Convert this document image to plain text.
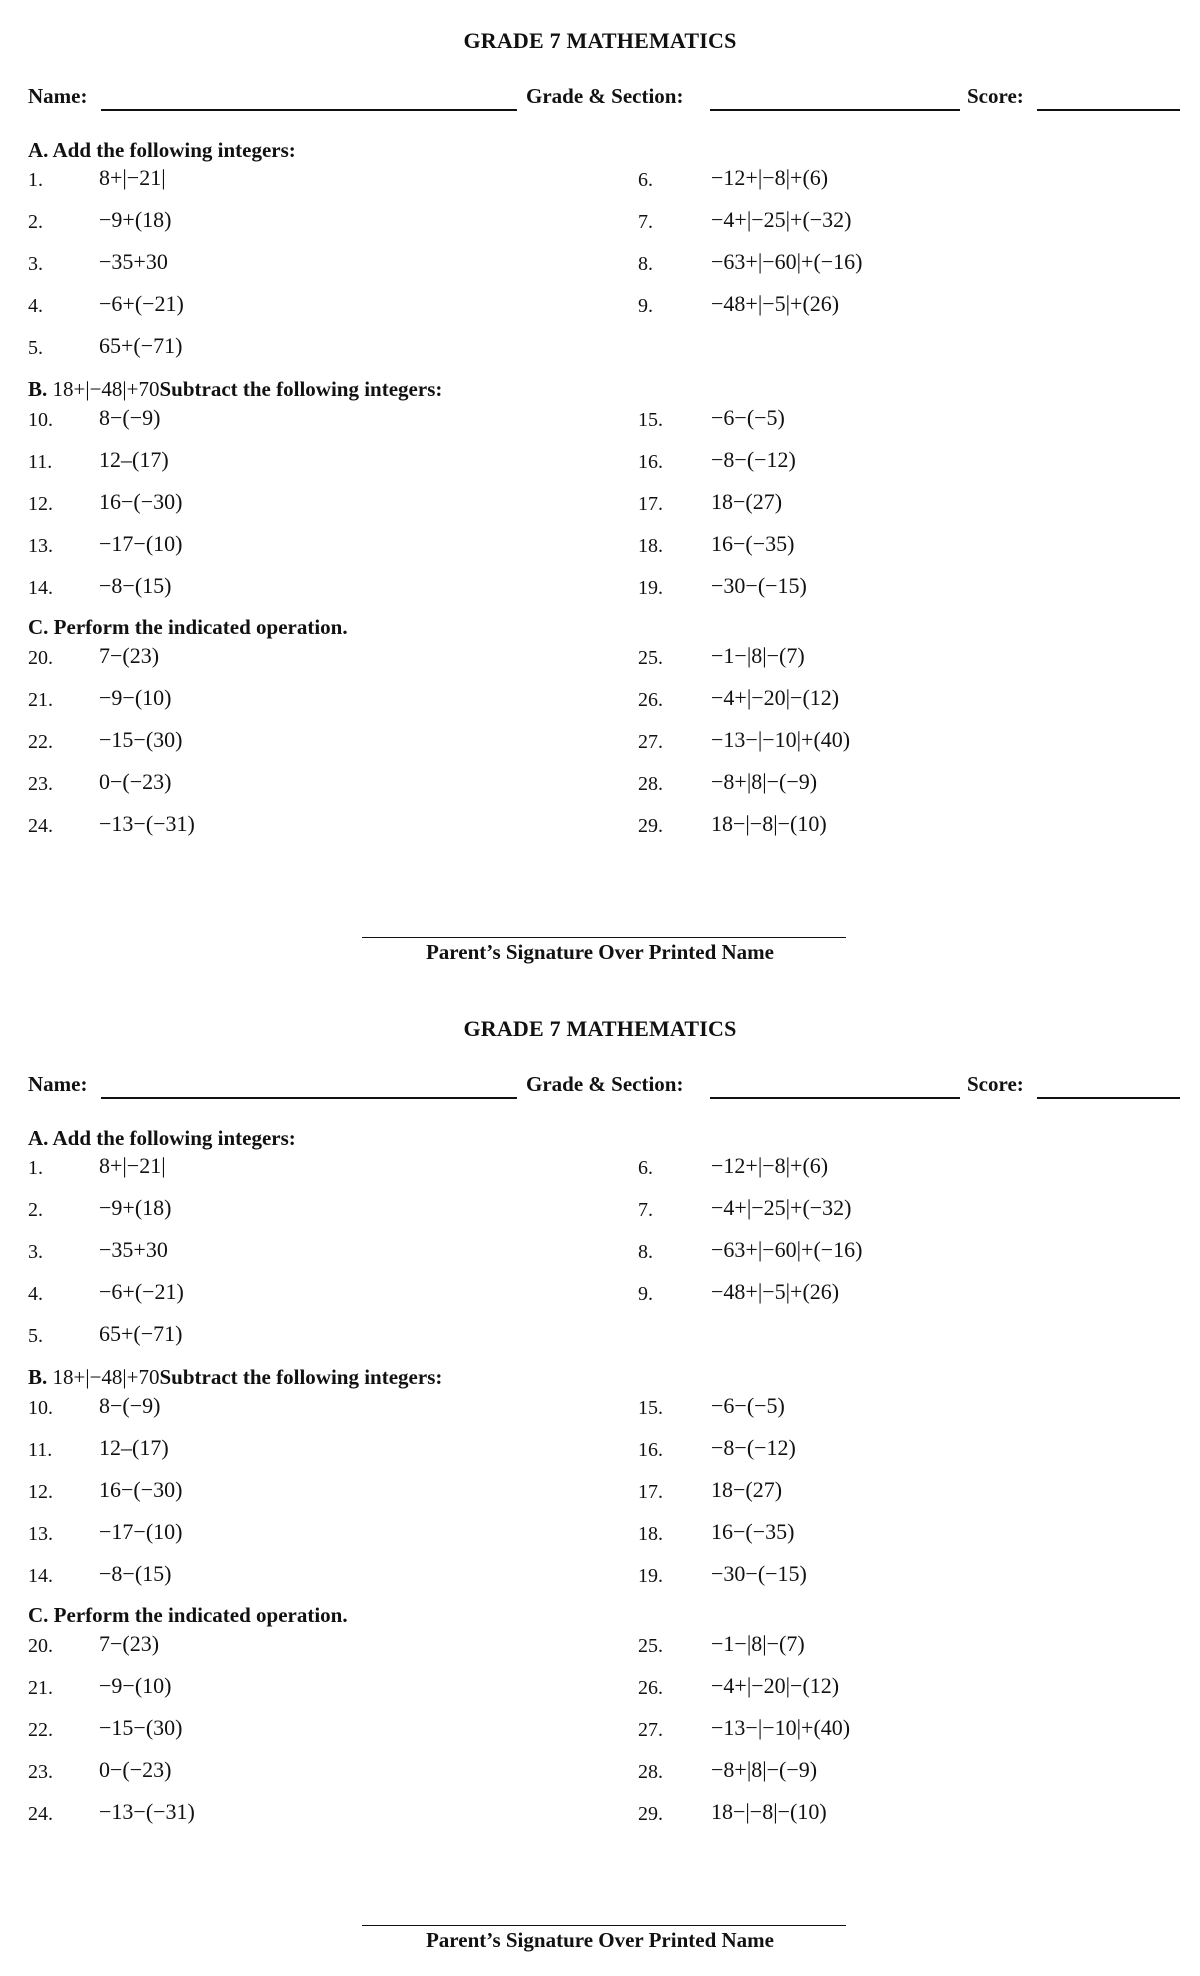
GRADE 7 MATHEMATICS
Name:	Grade & Section:	Score:
A. Add the following integers:
1.	8+|−21|
2.	−9+(18)
3.	−35+30
4.	−6+(−21)
5.	65+(−71)
6.	−12+|−8|+(6)
7.	−4+|−25|+(−32)
8.	−63+|−60|+(−16)
9.	−48+|−5|+(26)
B. 18+|−48|+70Subtract the following integers:
10. 8−(−9)
11. 12–(17)
12. 16−(−30)
13. −17−(10)
14. −8−(15)
15. −6−(−5)
16. −8−(−12)
17. 18−(27)
18. 16−(−35)
19. −30−(−15)
C. Perform the indicated operation.
20. 7−(23)
21. −9−(10)
22. −15−(30)
23. 0−(−23)
24. −13−(−31)
25. −1−|8|−(7)
26. −4+|−20|−(12)
27. −13−|−10|+(40)
28. −8+|8|−(−9)
29. 18−|−8|−(10)
Parent’s Signature Over Printed Name
GRADE 7 MATHEMATICS
Name:	Grade & Section:	Score:
A. Add the following integers:
1.	8+|−21|
2.	−9+(18)
3.	−35+30
4.	−6+(−21)
5.	65+(−71)
6.	−12+|−8|+(6)
7.	−4+|−25|+(−32)
8.	−63+|−60|+(−16)
9.	−48+|−5|+(26)
B. 18+|−48|+70Subtract the following integers:
10. 8−(−9)
11. 12–(17)
12. 16−(−30)
13. −17−(10)
14. −8−(15)
15. −6−(−5)
16. −8−(−12)
17. 18−(27)
18. 16−(−35)
19. −30−(−15)
C. Perform the indicated operation.
20. 7−(23)
21. −9−(10)
22. −15−(30)
23. 0−(−23)
24. −13−(−31)
25. −1−|8|−(7)
26. −4+|−20|−(12)
27. −13−|−10|+(40)
28. −8+|8|−(−9)
29. 18−|−8|−(10)
Parent’s Signature Over Printed Name
